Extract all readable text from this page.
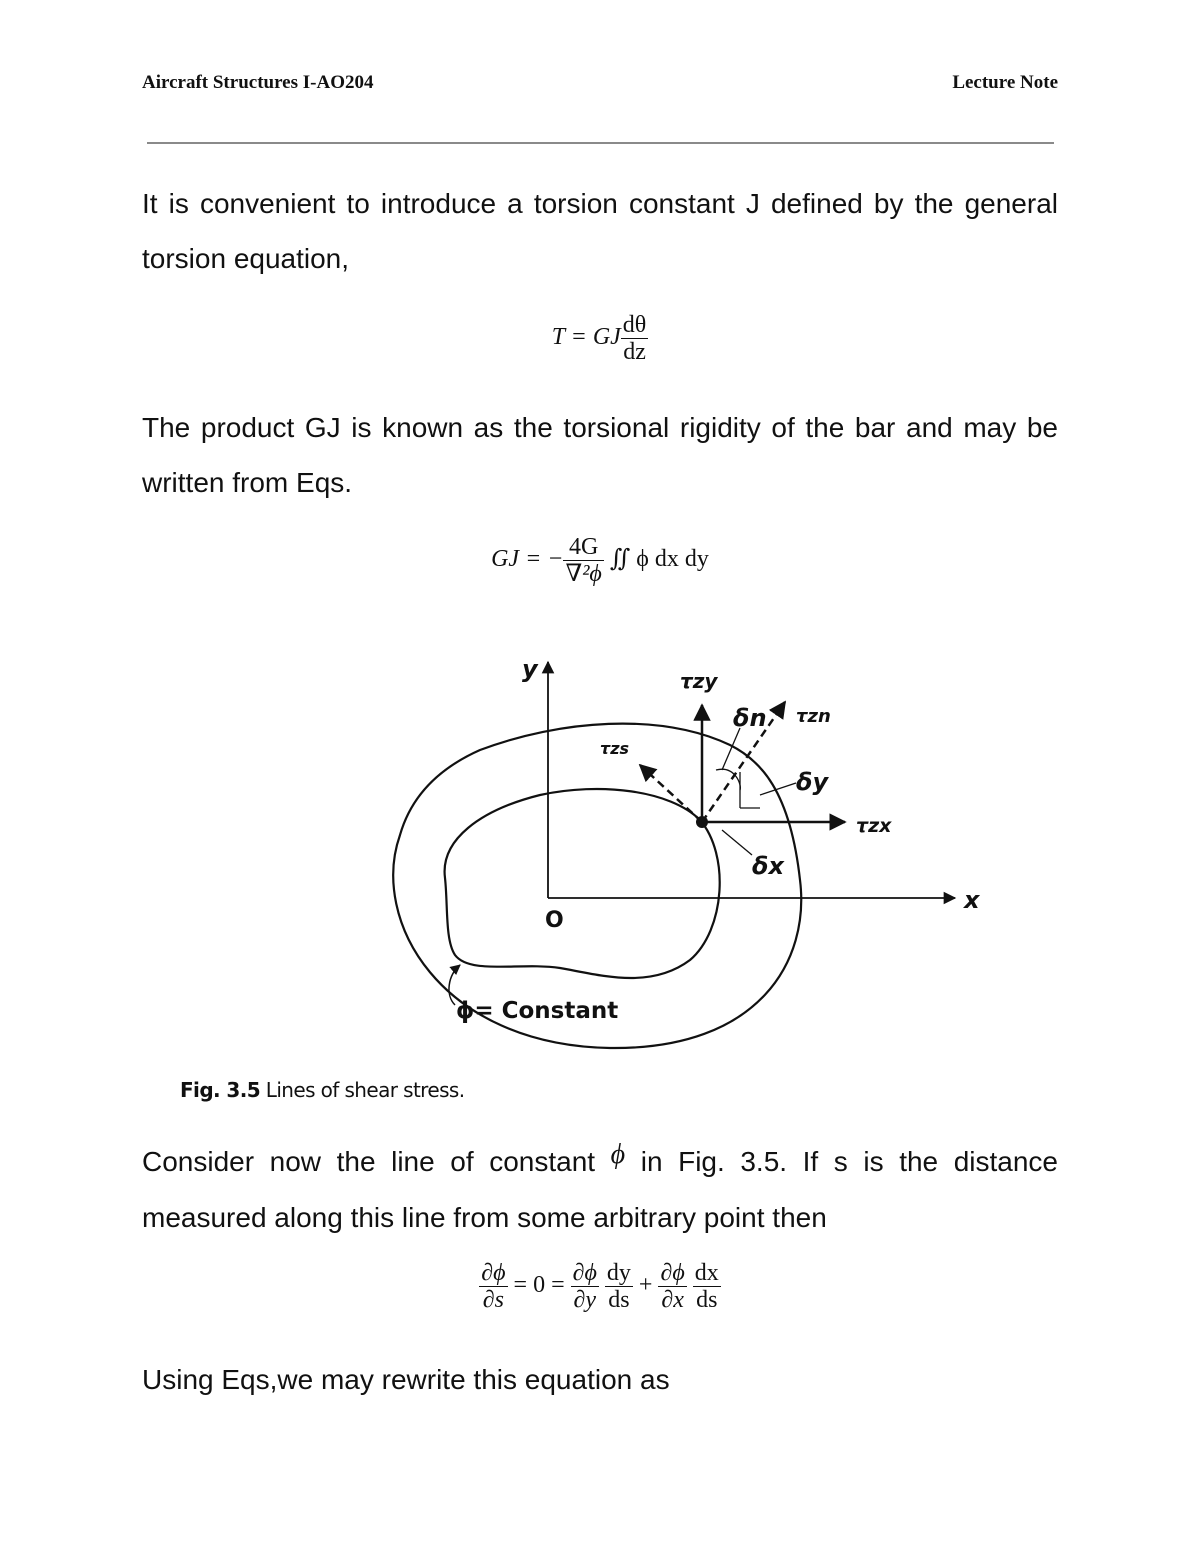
Aircraft Structures I-AO204	Lecture Note

It is convenient to introduce a torsion constant J defined by the general torsion equation,

T = GJ $\frac{d\theta}{dz}$

The product GJ is known as the torsional rigidity of the bar and may be written from Eqs.

GJ = − $\frac{4G}{\text{∇²ϕ}}$ ∬ ϕ dx dy
y
x
O
τzy
τzs
τzn
τzx
δn
δy
δx
ϕ= Constant
Fig. 3.5 Lines of shear stress.

Consider now the line of constant ϕ in Fig. 3.5. If s is the distance measured along this line from some arbitrary point then

$\frac{\partial\phi}{\partial s} = 0 = \frac{\partial\phi}{\partial y}$
$\frac{dy}{ds} + \frac{\partial\phi}{\partial x}$
$\frac{dx}{ds}$

Using Eqs,we may rewrite this equation as
